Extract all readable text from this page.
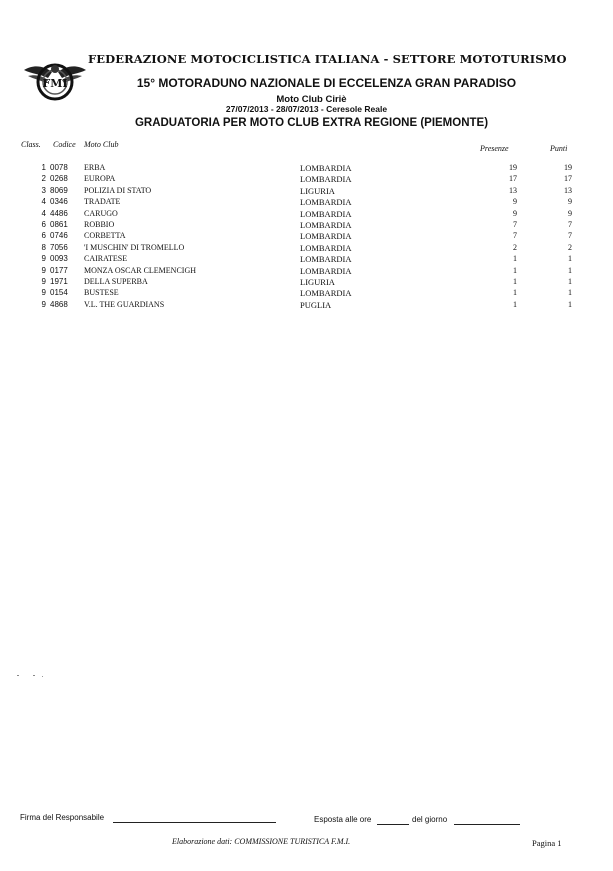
FMI
FEDERAZIONE MOTOCICLISTICA ITALIANA - SETTORE MOTOTURISMO
15° MOTORADUNO NAZIONALE DI ECCELENZA GRAN PARADISO
Moto Club Ciriè
27/07/2013 - 28/07/2013 - Ceresole Reale
GRADUATORIA PER MOTO CLUB EXTRA REGIONE (PIEMONTE)
Class. Codice Moto Club	Presenze	Punti
1 0078 ERBA	LOMBARDIA	19	19
2 0268 EUROPA	LOMBARDIA	17	17
3 8069 POLIZIA DI STATO	LIGURIA	13	13
4 0346 TRADATE	LOMBARDIA	9	9
4 4486 CARUGO	LOMBARDIA	9	9
6 0861 ROBBIO	LOMBARDIA	7	7
6 0746 CORBETTA	LOMBARDIA	7	7
8 7056 'I MUSCHIN' DI TROMELLO	LOMBARDIA	2	2
9 0093 CAIRATESE	LOMBARDIA	1	1
9 0177 MONZA OSCAR CLEMENCIGH	LOMBARDIA	1	1
9 1971 DELLA SUPERBA	LIGURIA	1	1
9 0154 BUSTESE	LOMBARDIA	1	1
9 4868 V.L. THE GUARDIANS	PUGLIA	1	1
Firma del Responsabile	Esposta alle ore	del giorno
Elaborazione dati: COMMISSIONE TURISTICA F.M.I.	Pagina 1
